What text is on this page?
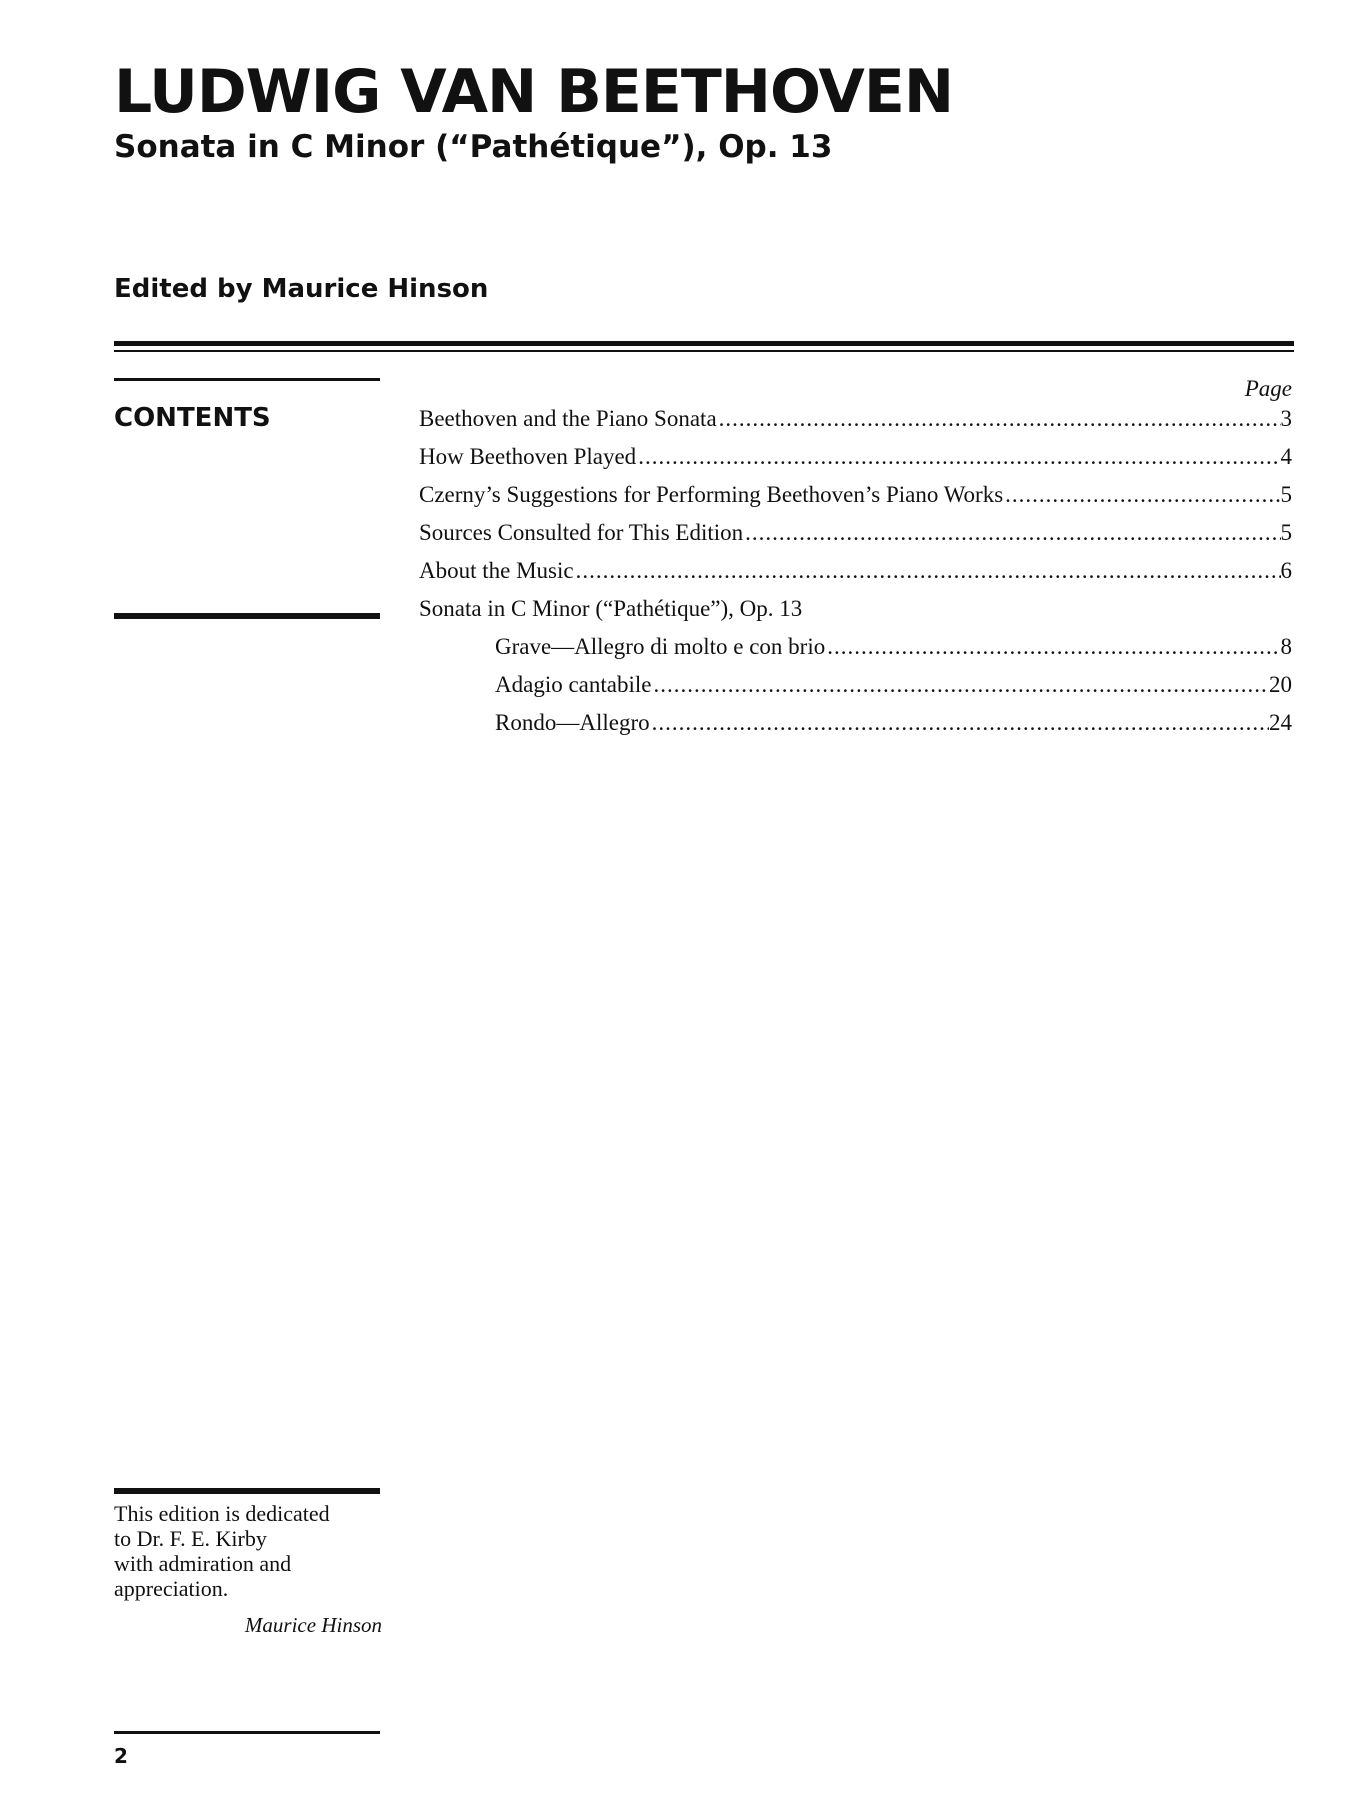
LUDWIG VAN BEETHOVEN
Sonata in C Minor (“Pathétique”), Op. 13
Edited by Maurice Hinson
CONTENTS
Page
Beethoven and the Piano Sonata .....	3
How Beethoven Played .....	4
Czerny’s Suggestions for Performing Beethoven’s Piano Works .....	5
Sources Consulted for This Edition .....	5
About the Music .....	6
Sonata in C Minor (“Pathétique”), Op. 13
Grave—Allegro di molto e con brio .....	8
Adagio cantabile .....	20
Rondo—Allegro .....	24
This edition is dedicated
to Dr. F. E. Kirby
with admiration and
appreciation.
Maurice Hinson
2
